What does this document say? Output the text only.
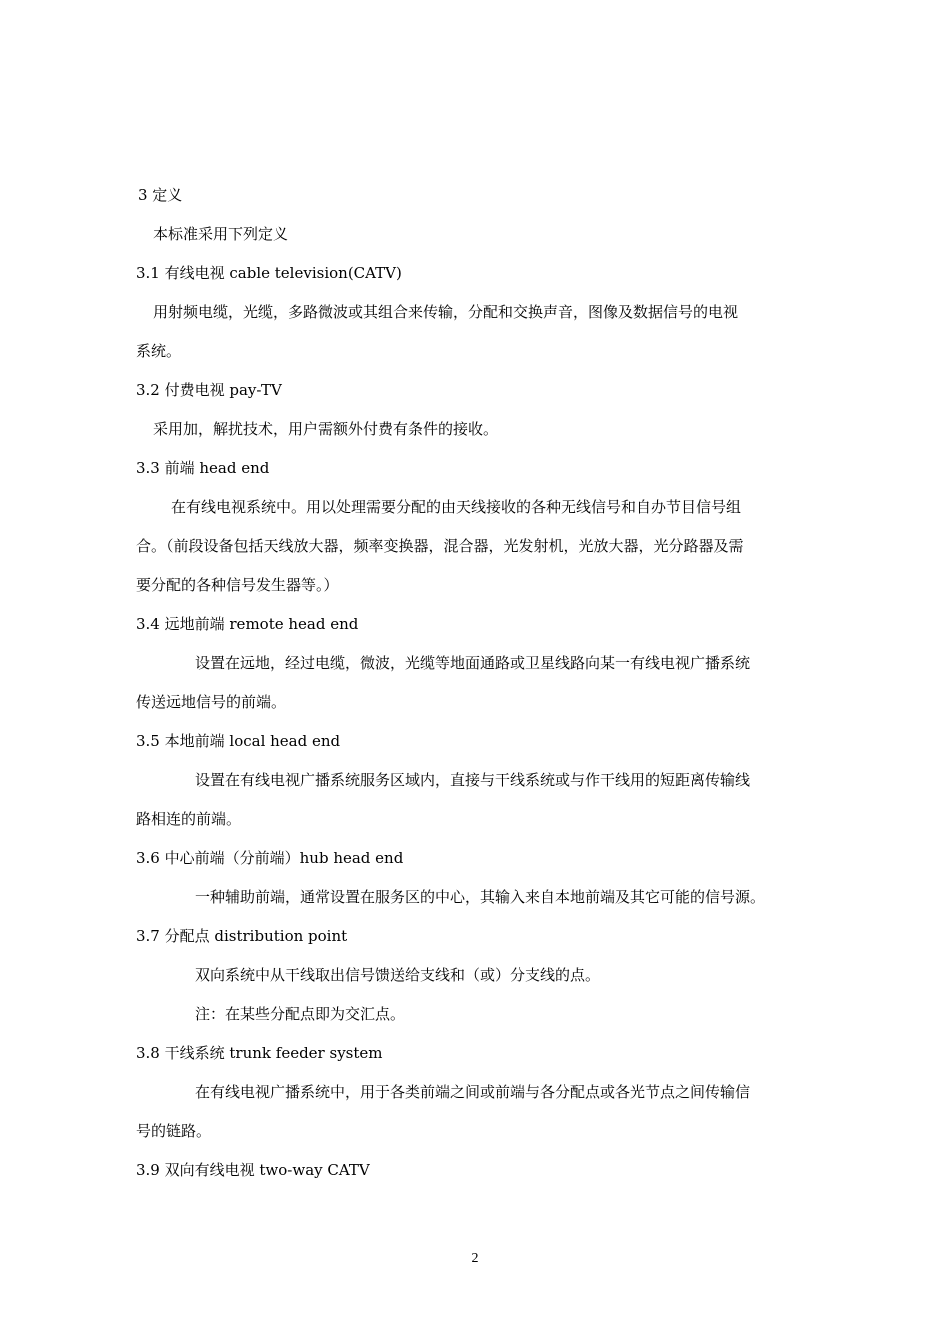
3 定义
本标准采用下列定义
3.1 有线电视 cable television(CATV)
用射频电缆，光缆，多路微波或其组合来传输，分配和交换声音，图像及数据信号的电视
系统。
3.2 付费电视 pay-TV
采用加，解扰技术，用户需额外付费有条件的接收。
3.3 前端 head end
在有线电视系统中。用以处理需要分配的由天线接收的各种无线信号和自办节目信号组
合。（前段设备包括天线放大器，频率变换器，混合器，光发射机，光放大器，光分路器及需
要分配的各种信号发生器等。）
3.4 远地前端 remote head end
设置在远地，经过电缆，微波，光缆等地面通路或卫星线路向某一有线电视广播系统
传送远地信号的前端。
3.5 本地前端 local head end
设置在有线电视广播系统服务区域内，直接与干线系统或与作干线用的短距离传输线
路相连的前端。
3.6 中心前端（分前端）hub head end
一种辅助前端，通常设置在服务区的中心，其输入来自本地前端及其它可能的信号源。
3.7 分配点 distribution point
双向系统中从干线取出信号馈送给支线和（或）分支线的点。
注：在某些分配点即为交汇点。
3.8 干线系统 trunk feeder system
在有线电视广播系统中，用于各类前端之间或前端与各分配点或各光节点之间传输信
号的链路。
3.9 双向有线电视 two-way CATV
2
